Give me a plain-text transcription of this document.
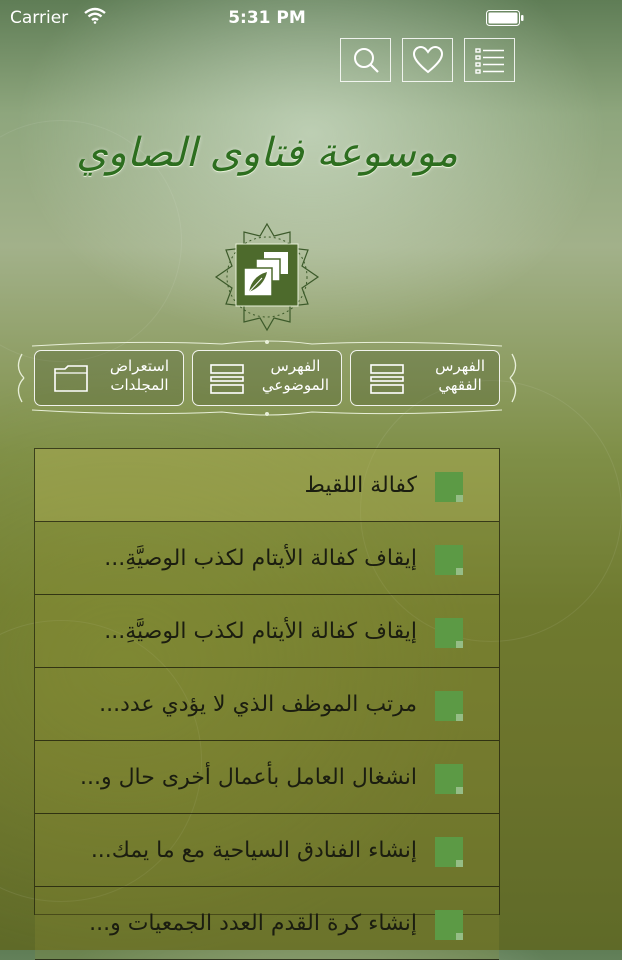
Carrier	5:31 PM
موسوعة فتاوى الصاوي
الفهرس
الفقهي
الفهرس
الموضوعي
استعراض
المجلدات
كفالة اللقيط
إيقاف كفالة الأيتام لكذب الوصيَّةِ...
إيقاف كفالة الأيتام لكذب الوصيَّةِ...
مرتب الموظف الذي لا يؤدي عدد...
انشغال العامل بأعمال أخرى حال و...
إنشاء الفنادق السياحية مع ما يمك...
إنشاء كرة القدم العدد الجمعيات و...
